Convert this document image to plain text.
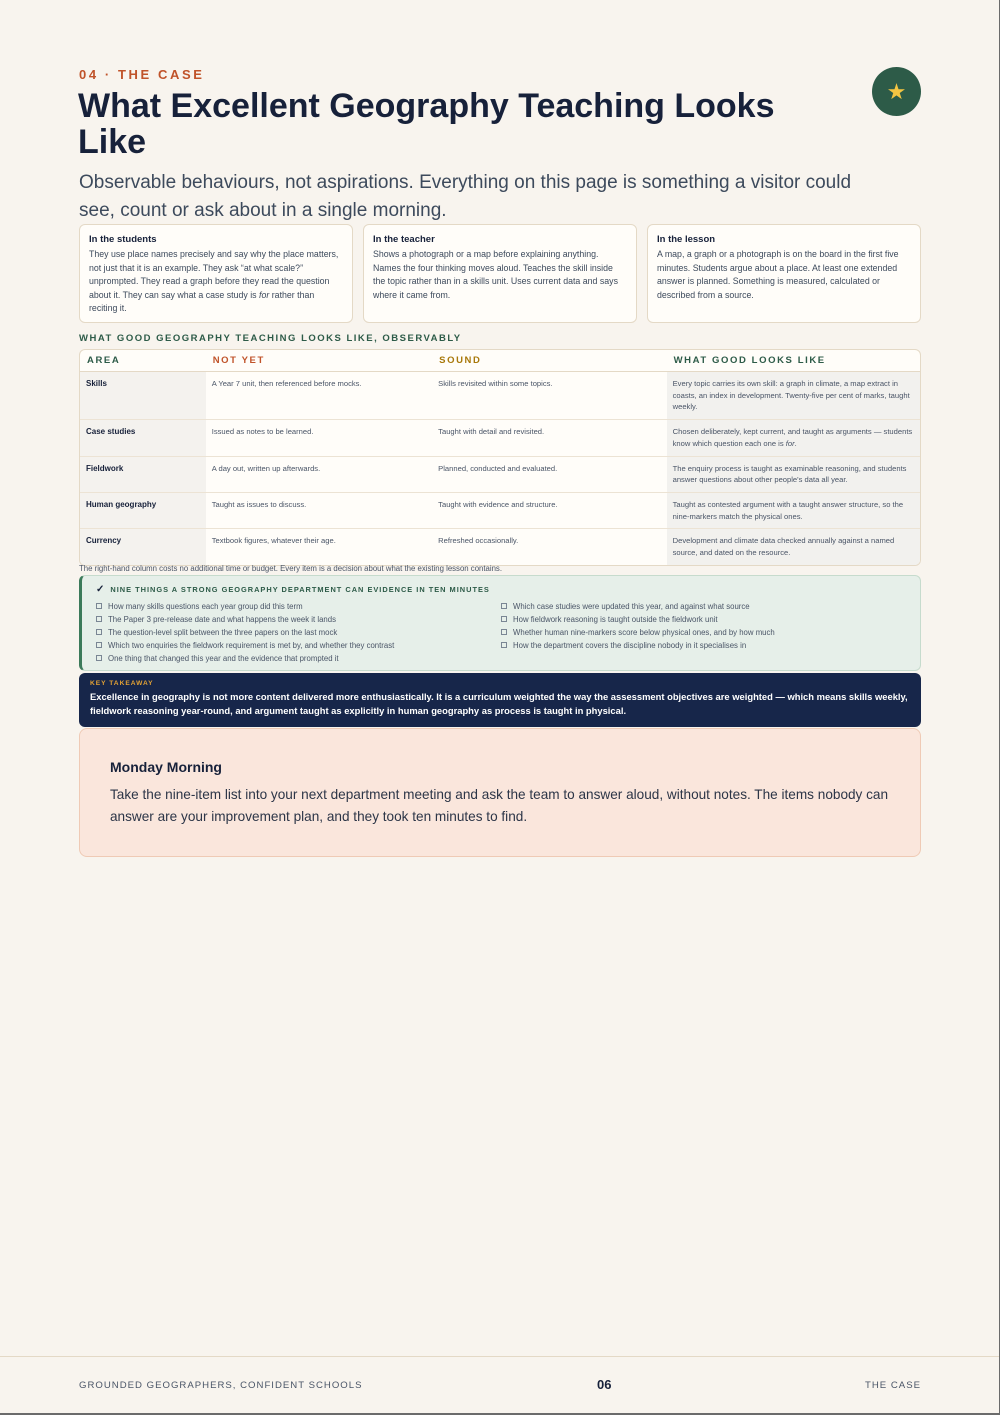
04 · THE CASE
What Excellent Geography Teaching Looks Like
★

Observable behaviours, not aspirations. Everything on this page is something a visitor could see, count or ask about in a single morning.

In the students
They use place names precisely and say why the place matters, not just that it is an example. They ask “at what scale?” unprompted. They read a graph before they read the question about it. They can say what a case study is for rather than reciting it.
In the teacher
Shows a photograph or a map before explaining anything. Names the four thinking moves aloud. Teaches the skill inside the topic rather than in a skills unit. Uses current data and says where it came from.
In the lesson
A map, a graph or a photograph is on the board in the first five minutes. Students argue about a place. At least one extended answer is planned. Something is measured, calculated or described from a source.
WHAT GOOD GEOGRAPHY TEACHING LOOKS LIKE, OBSERVABLY
AREA	NOT YET	SOUND	WHAT GOOD LOOKS LIKE
Skills	A Year 7 unit, then referenced before mocks.	Skills revisited within some topics.	Every topic carries its own skill: a graph in climate, a map extract in coasts, an index in development. Twenty-five per cent of marks, taught weekly.
Case studies	Issued as notes to be learned.	Taught with detail and revisited.	Chosen deliberately, kept current, and taught as arguments — students know which question each one is for.
Fieldwork	A day out, written up afterwards.	Planned, conducted and evaluated.	The enquiry process is taught as examinable reasoning, and students answer questions about other people's data all year.
Human geography	Taught as issues to discuss.	Taught with evidence and structure.	Taught as contested argument with a taught answer structure, so the nine-markers match the physical ones.
Currency	Textbook figures, whatever their age.	Refreshed occasionally.	Development and climate data checked annually against a named source, and dated on the resource.
The right-hand column costs no additional time or budget. Every item is a decision about what the existing lesson contains.
✓ NINE THINGS A STRONG GEOGRAPHY DEPARTMENT CAN EVIDENCE IN TEN MINUTES
How many skills questions each year group did this term
The Paper 3 pre-release date and what happens the week it lands
The question-level split between the three papers on the last mock
Which two enquiries the fieldwork requirement is met by, and whether they contrast
One thing that changed this year and the evidence that prompted it
Which case studies were updated this year, and against what source
How fieldwork reasoning is taught outside the fieldwork unit
Whether human nine-markers score below physical ones, and by how much
How the department covers the discipline nobody in it specialises in
KEY TAKEAWAY
Excellence in geography is not more content delivered more enthusiastically. It is a curriculum weighted the way the assessment objectives are weighted — which means skills weekly, fieldwork reasoning year-round, and argument taught as explicitly in human geography as process is taught in physical.
Monday Morning
Take the nine-item list into your next department meeting and ask the team to answer aloud, without notes. The items nobody can answer are your improvement plan, and they took ten minutes to find.
GROUNDED GEOGRAPHERS, CONFIDENT SCHOOLS	06	THE CASE
